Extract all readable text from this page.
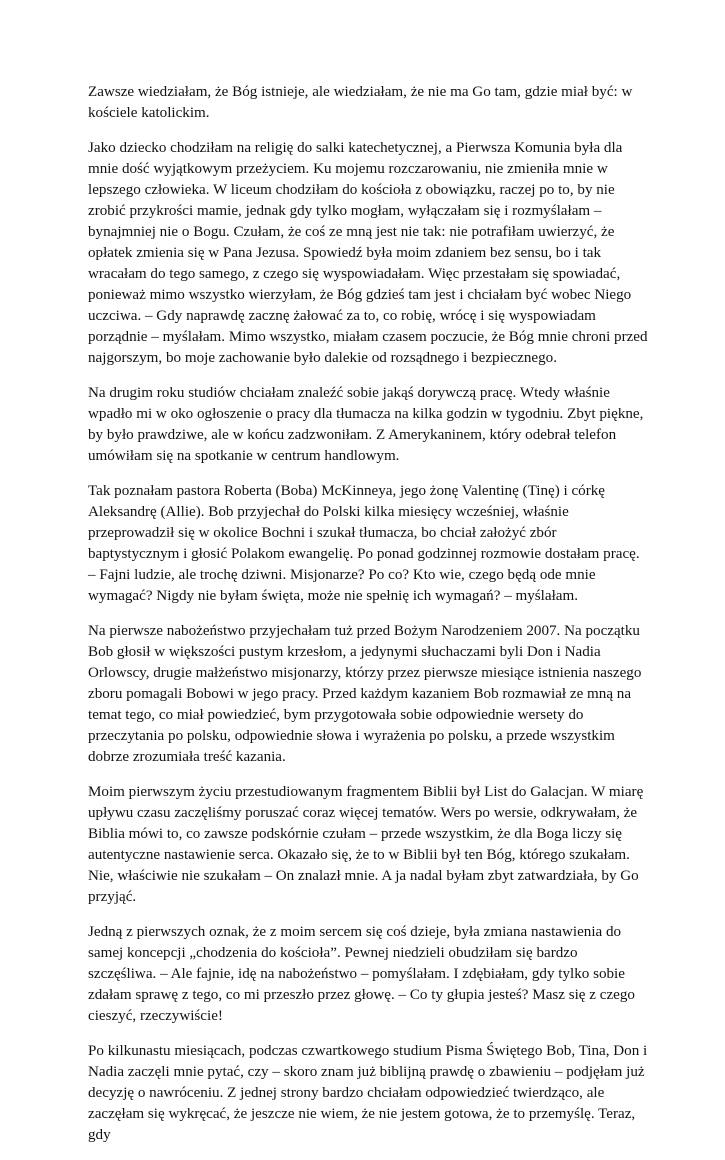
Zawsze wiedziałam, że Bóg istnieje, ale wiedziałam, że nie ma Go tam, gdzie miał być: w kościele katolickim.

Jako dziecko chodziłam na religię do salki katechetycznej, a Pierwsza Komunia była dla mnie dość wyjątkowym przeżyciem. Ku mojemu rozczarowaniu, nie zmieniła mnie w lepszego człowieka. W liceum chodziłam do kościoła z obowiązku, raczej po to, by nie zrobić przykrości mamie, jednak gdy tylko mogłam, wyłączałam się i rozmyślałam – bynajmniej nie o Bogu. Czułam, że coś ze mną jest nie tak: nie potrafiłam uwierzyć, że opłatek zmienia się w Pana Jezusa. Spowiedź była moim zdaniem bez sensu, bo i tak wracałam do tego samego, z czego się wyspowiadałam. Więc przestałam się spowiadać, ponieważ mimo wszystko wierzyłam, że Bóg gdzieś tam jest i chciałam być wobec Niego uczciwa. – Gdy naprawdę zacznę żałować za to, co robię, wrócę i się wyspowiadam porządnie – myślałam. Mimo wszystko, miałam czasem poczucie, że Bóg mnie chroni przed najgorszym, bo moje zachowanie było dalekie od rozsądnego i bezpiecznego.

Na drugim roku studiów chciałam znaleźć sobie jakąś dorywczą pracę. Wtedy właśnie wpadło mi w oko ogłoszenie o pracy dla tłumacza na kilka godzin w tygodniu. Zbyt piękne, by było prawdziwe, ale w końcu zadzwoniłam. Z Amerykaninem, który odebrał telefon umówiłam się na spotkanie w centrum handlowym.

Tak poznałam pastora Roberta (Boba) McKinneya, jego żonę Valentinę (Tinę) i córkę Aleksandrę (Allie). Bob przyjechał do Polski kilka miesięcy wcześniej, właśnie przeprowadził się w okolice Bochni i szukał tłumacza, bo chciał założyć zbór baptystycznym i głosić Polakom ewangelię. Po ponad godzinnej rozmowie dostałam pracę. – Fajni ludzie, ale trochę dziwni. Misjonarze? Po co? Kto wie, czego będą ode mnie wymagać? Nigdy nie byłam święta, może nie spełnię ich wymagań? – myślałam.

Na pierwsze nabożeństwo przyjechałam tuż przed Bożym Narodzeniem 2007. Na początku Bob głosił w większości pustym krzesłom, a jedynymi słuchaczami byli Don i Nadia Orlowscy, drugie małżeństwo misjonarzy, którzy przez pierwsze miesiące istnienia naszego zboru pomagali Bobowi w jego pracy. Przed każdym kazaniem Bob rozmawiał ze mną na temat tego, co miał powiedzieć, bym przygotowała sobie odpowiednie wersety do przeczytania po polsku, odpowiednie słowa i wyrażenia po polsku, a przede wszystkim dobrze zrozumiała treść kazania.

Moim pierwszym życiu przestudiowanym fragmentem Biblii był List do Galacjan. W miarę upływu czasu zaczęliśmy poruszać coraz więcej tematów. Wers po wersie, odkrywałam, że Biblia mówi to, co zawsze podskórnie czułam – przede wszystkim, że dla Boga liczy się autentyczne nastawienie serca. Okazało się, że to w Biblii był ten Bóg, którego szukałam. Nie, właściwie nie szukałam – On znalazł mnie. A ja nadal byłam zbyt zatwardziała, by Go przyjąć.

Jedną z pierwszych oznak, że z moim sercem się coś dzieje, była zmiana nastawienia do samej koncepcji „chodzenia do kościoła”. Pewnej niedzieli obudziłam się bardzo szczęśliwa. – Ale fajnie, idę na nabożeństwo – pomyślałam. I zdębiałam, gdy tylko sobie zdałam sprawę z tego, co mi przeszło przez głowę. – Co ty głupia jesteś? Masz się z czego cieszyć, rzeczywiście!

Po kilkunastu miesiącach, podczas czwartkowego studium Pisma Świętego Bob, Tina, Don i Nadia zaczęli mnie pytać, czy – skoro znam już biblijną prawdę o zbawieniu – podjęłam już decyzję o nawróceniu. Z jednej strony bardzo chciałam odpowiedzieć twierdząco, ale zaczęłam się wykręcać, że jeszcze nie wiem, że nie jestem gotowa, że to przemyślę. Teraz, gdy
